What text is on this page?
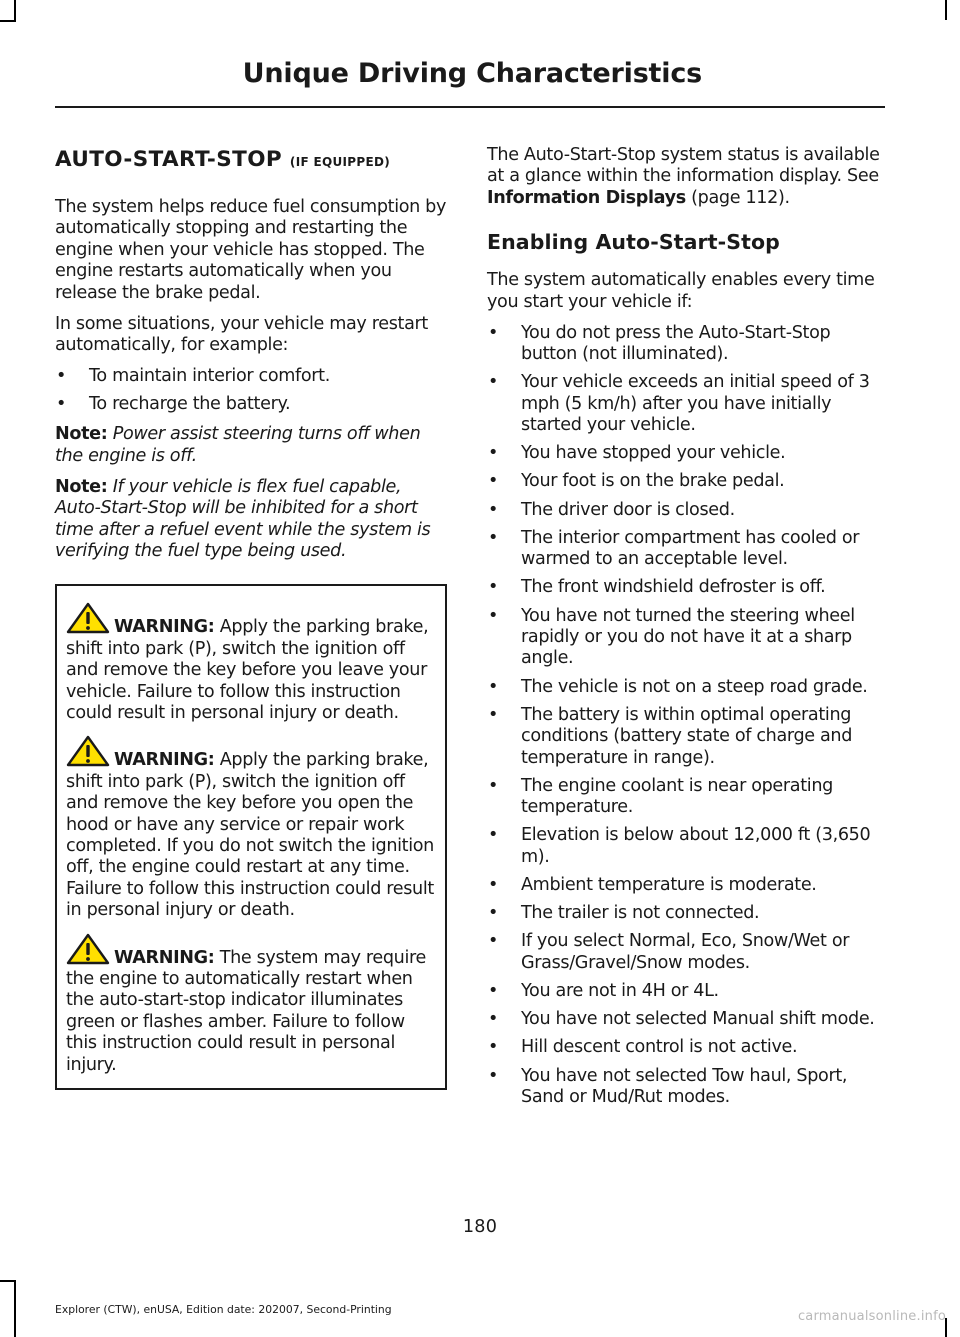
Unique Driving Characteristics
AUTO-START-STOP (IF EQUIPPED)

The system helps reduce fuel consumption by automatically stopping and restarting the engine when your vehicle has stopped. The engine restarts automatically when you release the brake pedal.

In some situations, your vehicle may restart automatically, for example:

• To maintain interior comfort.
• To recharge the battery.

Note: Power assist steering turns off when the engine is off.

Note: If your vehicle is flex fuel capable, Auto-Start-Stop will be inhibited for a short time after a refuel event while the system is verifying the fuel type being used.

WARNING: Apply the parking brake, shift into park (P), switch the ignition off and remove the key before you leave your vehicle. Failure to follow this instruction could result in personal injury or death.

WARNING: Apply the parking brake, shift into park (P), switch the ignition off and remove the key before you open the hood or have any service or repair work completed. If you do not switch the ignition off, the engine could restart at any time. Failure to follow this instruction could result in personal injury or death.

WARNING: The system may require the engine to automatically restart when the auto-start-stop indicator illuminates green or flashes amber. Failure to follow this instruction could result in personal injury.

The Auto-Start-Stop system status is available at a glance within the information display. See Information Displays (page 112).

Enabling Auto-Start-Stop

The system automatically enables every time you start your vehicle if:

• You do not press the Auto-Start-Stop button (not illuminated).
• Your vehicle exceeds an initial speed of 3 mph (5 km/h) after you have initially started your vehicle.
• You have stopped your vehicle.
• Your foot is on the brake pedal.
• The driver door is closed.
• The interior compartment has cooled or warmed to an acceptable level.
• The front windshield defroster is off.
• You have not turned the steering wheel rapidly or you do not have it at a sharp angle.
• The vehicle is not on a steep road grade.
• The battery is within optimal operating conditions (battery state of charge and temperature in range).
• The engine coolant is near operating temperature.
• Elevation is below about 12,000 ft (3,650 m).
• Ambient temperature is moderate.
• The trailer is not connected.
• If you select Normal, Eco, Snow/Wet or Grass/Gravel/Snow modes.
• You are not in 4H or 4L.
• You have not selected Manual shift mode.
• Hill descent control is not active.
• You have not selected Tow haul, Sport, Sand or Mud/Rut modes.
180
Explorer (CTW), enUSA, Edition date: 202007, Second-Printing	carmanualsonline.info
